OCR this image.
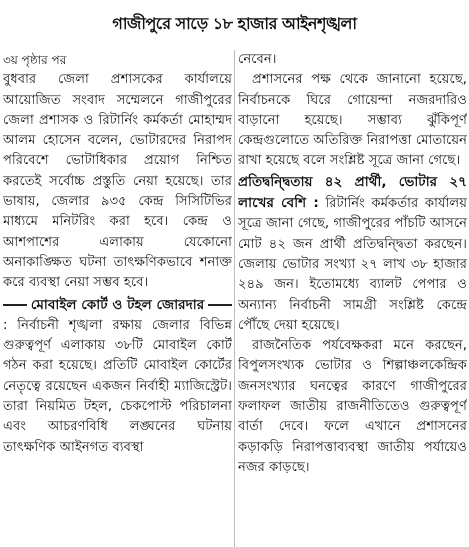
গাজীপুরে সাড়ে ১৮ হাজার আইনশৃঙ্খলা

৩য় পৃষ্ঠার পর

বুধবার জেলা প্রশাসকের কার্যালয়ে আয়োজিত সংবাদ সম্মেলনে গাজীপুরের জেলা প্রশাসক ও রিটার্নিং কর্মকর্তা মোহাম্মদ আলম হোসেন বলেন, ভোটারদের নিরাপদ পরিবেশে ভোটাধিকার প্রয়োগ নিশ্চিত করতেই সর্বোচ্চ প্রস্তুতি নেয়া হয়েছে। তার ভাষায়, জেলার ৯৩৫ কেন্দ্র সিসিটিভির মাধ্যমে মনিটরিং করা হবে। কেন্দ্র ও আশপাশের এলাকায় যেকোনো অনাকাঙ্ক্ষিত ঘটনা তাৎক্ষণিকভাবে শনাক্ত করে ব্যবস্থা নেয়া সম্ভব হবে।

মোবাইল কোর্ট ও টহল জোরদার

: নির্বাচনী শৃঙ্খলা রক্ষায় জেলার বিভিন্ন গুরুত্বপূর্ণ এলাকায় ৩৮টি মোবাইল কোর্ট গঠন করা হয়েছে। প্রতিটি মোবাইল কোর্টের নেতৃত্বে রয়েছেন একজন নির্বাহী ম্যাজিস্ট্রেট। তারা নিয়মিত টহল, চেকপোস্ট পরিচালনা এবং আচরণবিধি লঙ্ঘনের ঘটনায় তাৎক্ষণিক আইনগত ব্যবস্থা

নেবেন।

প্রশাসনের পক্ষ থেকে জানানো হয়েছে, নির্বাচনকে ঘিরে গোয়েন্দা নজরদারিও বাড়ানো হয়েছে। সম্ভাব্য ঝুঁকিপূর্ণ কেন্দ্রগুলোতে অতিরিক্ত নিরাপত্তা মোতায়েন রাখা হয়েছে বলে সংশ্লিষ্ট সূত্রে জানা গেছে।

প্রতিদ্বন্দ্বিতায় ৪২ প্রার্থী, ভোটার ২৭ লাখের বেশি : রিটার্নিং কর্মকর্তার কার্যালয় সূত্রে জানা গেছে, গাজীপুরের পাঁচটি আসনে মোট ৪২ জন প্রার্থী প্রতিদ্বন্দ্বিতা করছেন। জেলায় ভোটার সংখ্যা ২৭ লাখ ৩৮ হাজার ২৪৯ জন। ইতোমধ্যে ব্যালট পেপার ও অন্যান্য নির্বাচনী সামগ্রী সংশ্লিষ্ট কেন্দ্রে পৌঁছে দেয়া হয়েছে।

রাজনৈতিক পর্যবেক্ষকরা মনে করছেন, বিপুলসংখ্যক ভোটার ও শিল্পাঞ্চলকেন্দ্রিক জনসংখ্যার ঘনত্বের কারণে গাজীপুরের ফলাফল জাতীয় রাজনীতিতেও গুরুত্বপূর্ণ বার্তা দেবে। ফলে এখানে প্রশাসনের কড়াকড়ি নিরাপত্তাব্যবস্থা জাতীয় পর্যায়েও নজর কাড়ছে।
